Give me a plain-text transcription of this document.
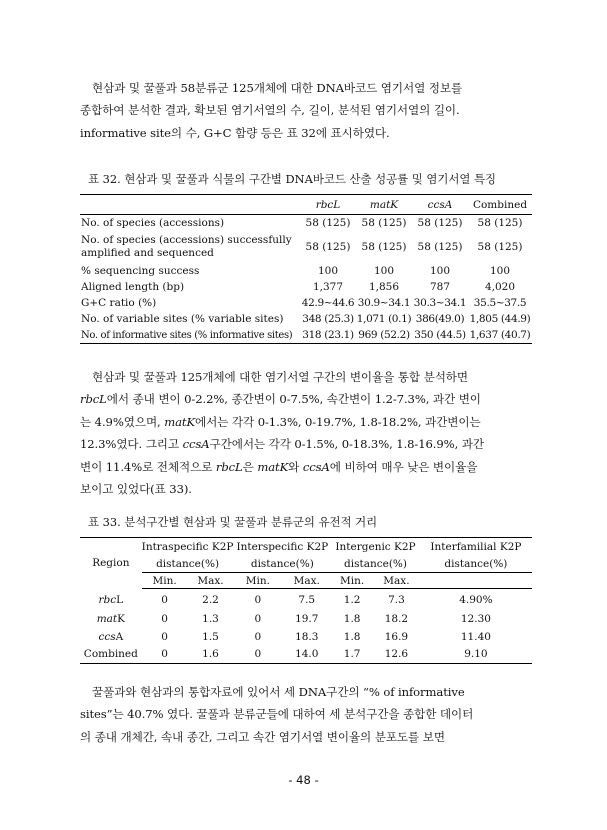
현삼과 및 꿀풀과 58분류군 125개체에 대한 DNA바코드 염기서열 정보를
종합하여 분석한 결과, 확보된 염기서열의 수, 길이, 분석된 염기서열의 길이.
informative site의 수, G+C 함량 등은 표 32에 표시하였다.

표 32. 현삼과 및 꿀풀과 식물의 구간별 DNA바코드 산출 성공률 및 염기서열 특징

	rbcL	matK	ccsA	Combined
No. of species (accessions)	58 (125)	58 (125)	58 (125)	58 (125)
No. of species (accessions) successfully amplified and sequenced	58 (125)	58 (125)	58 (125)	58 (125)
% sequencing success	100	100	100	100
Aligned length (bp)	1,377	1,856	787	4,020
G+C ratio (%)	42.9~44.6	30.9~34.1	30.3~34.1	35.5~37.5
No. of variable sites (% variable sites)	348 (25.3)	1,071 (0.1)	386(49.0)	1,805 (44.9)
No. of informative sites (% informative sites)	318 (23.1)	969 (52.2)	350 (44.5)	1,637 (40.7)

현삼과 및 꿀풀과 125개체에 대한 염기서열 구간의 변이율을 통합 분석하면
rbcL에서 종내 변이 0-2.2%, 종간변이 0-7.5%, 속간변이 1.2-7.3%, 과간 변이
는 4.9%였으며, matK에서는 각각 0-1.3%, 0-19.7%, 1.8-18.2%, 과간변이는
12.3%였다. 그리고 ccsA구간에서는 각각 0-1.5%, 0-18.3%, 1.8-16.9%, 과간
변이 11.4%로 전체적으로 rbcL은 matK와 ccsA에 비하여 매우 낮은 변이율을
보이고 있었다(표 33).

표 33. 분석구간별 현삼과 및 꿀풀과 분류군의 유전적 거리

Region	Intraspecific K2P		Interspecific K2P		Intergenic K2P		Interfamilial K2P
	distance(%)		distance(%)		distance(%)		distance(%)
	Min.	Max.	Min.	Max.	Min.	Max.	
rbcL	0	2.2	0	7.5	1.2	7.3	4.90%
matK	0	1.3	0	19.7	1.8	18.2	12.30
ccsA	0	1.5	0	18.3	1.8	16.9	11.40
Combined	0	1.6	0	14.0	1.7	12.6	9.10

꿀풀과와 현삼과의 통합자료에 있어서 세 DNA구간의 “% of informative
sites”는 40.7% 였다. 꿀풀과 분류군들에 대하여 세 분석구간을 종합한 데이터
의 종내 개체간, 속내 종간, 그리고 속간 염기서열 변이율의 분포도를 보면

- 48 -
